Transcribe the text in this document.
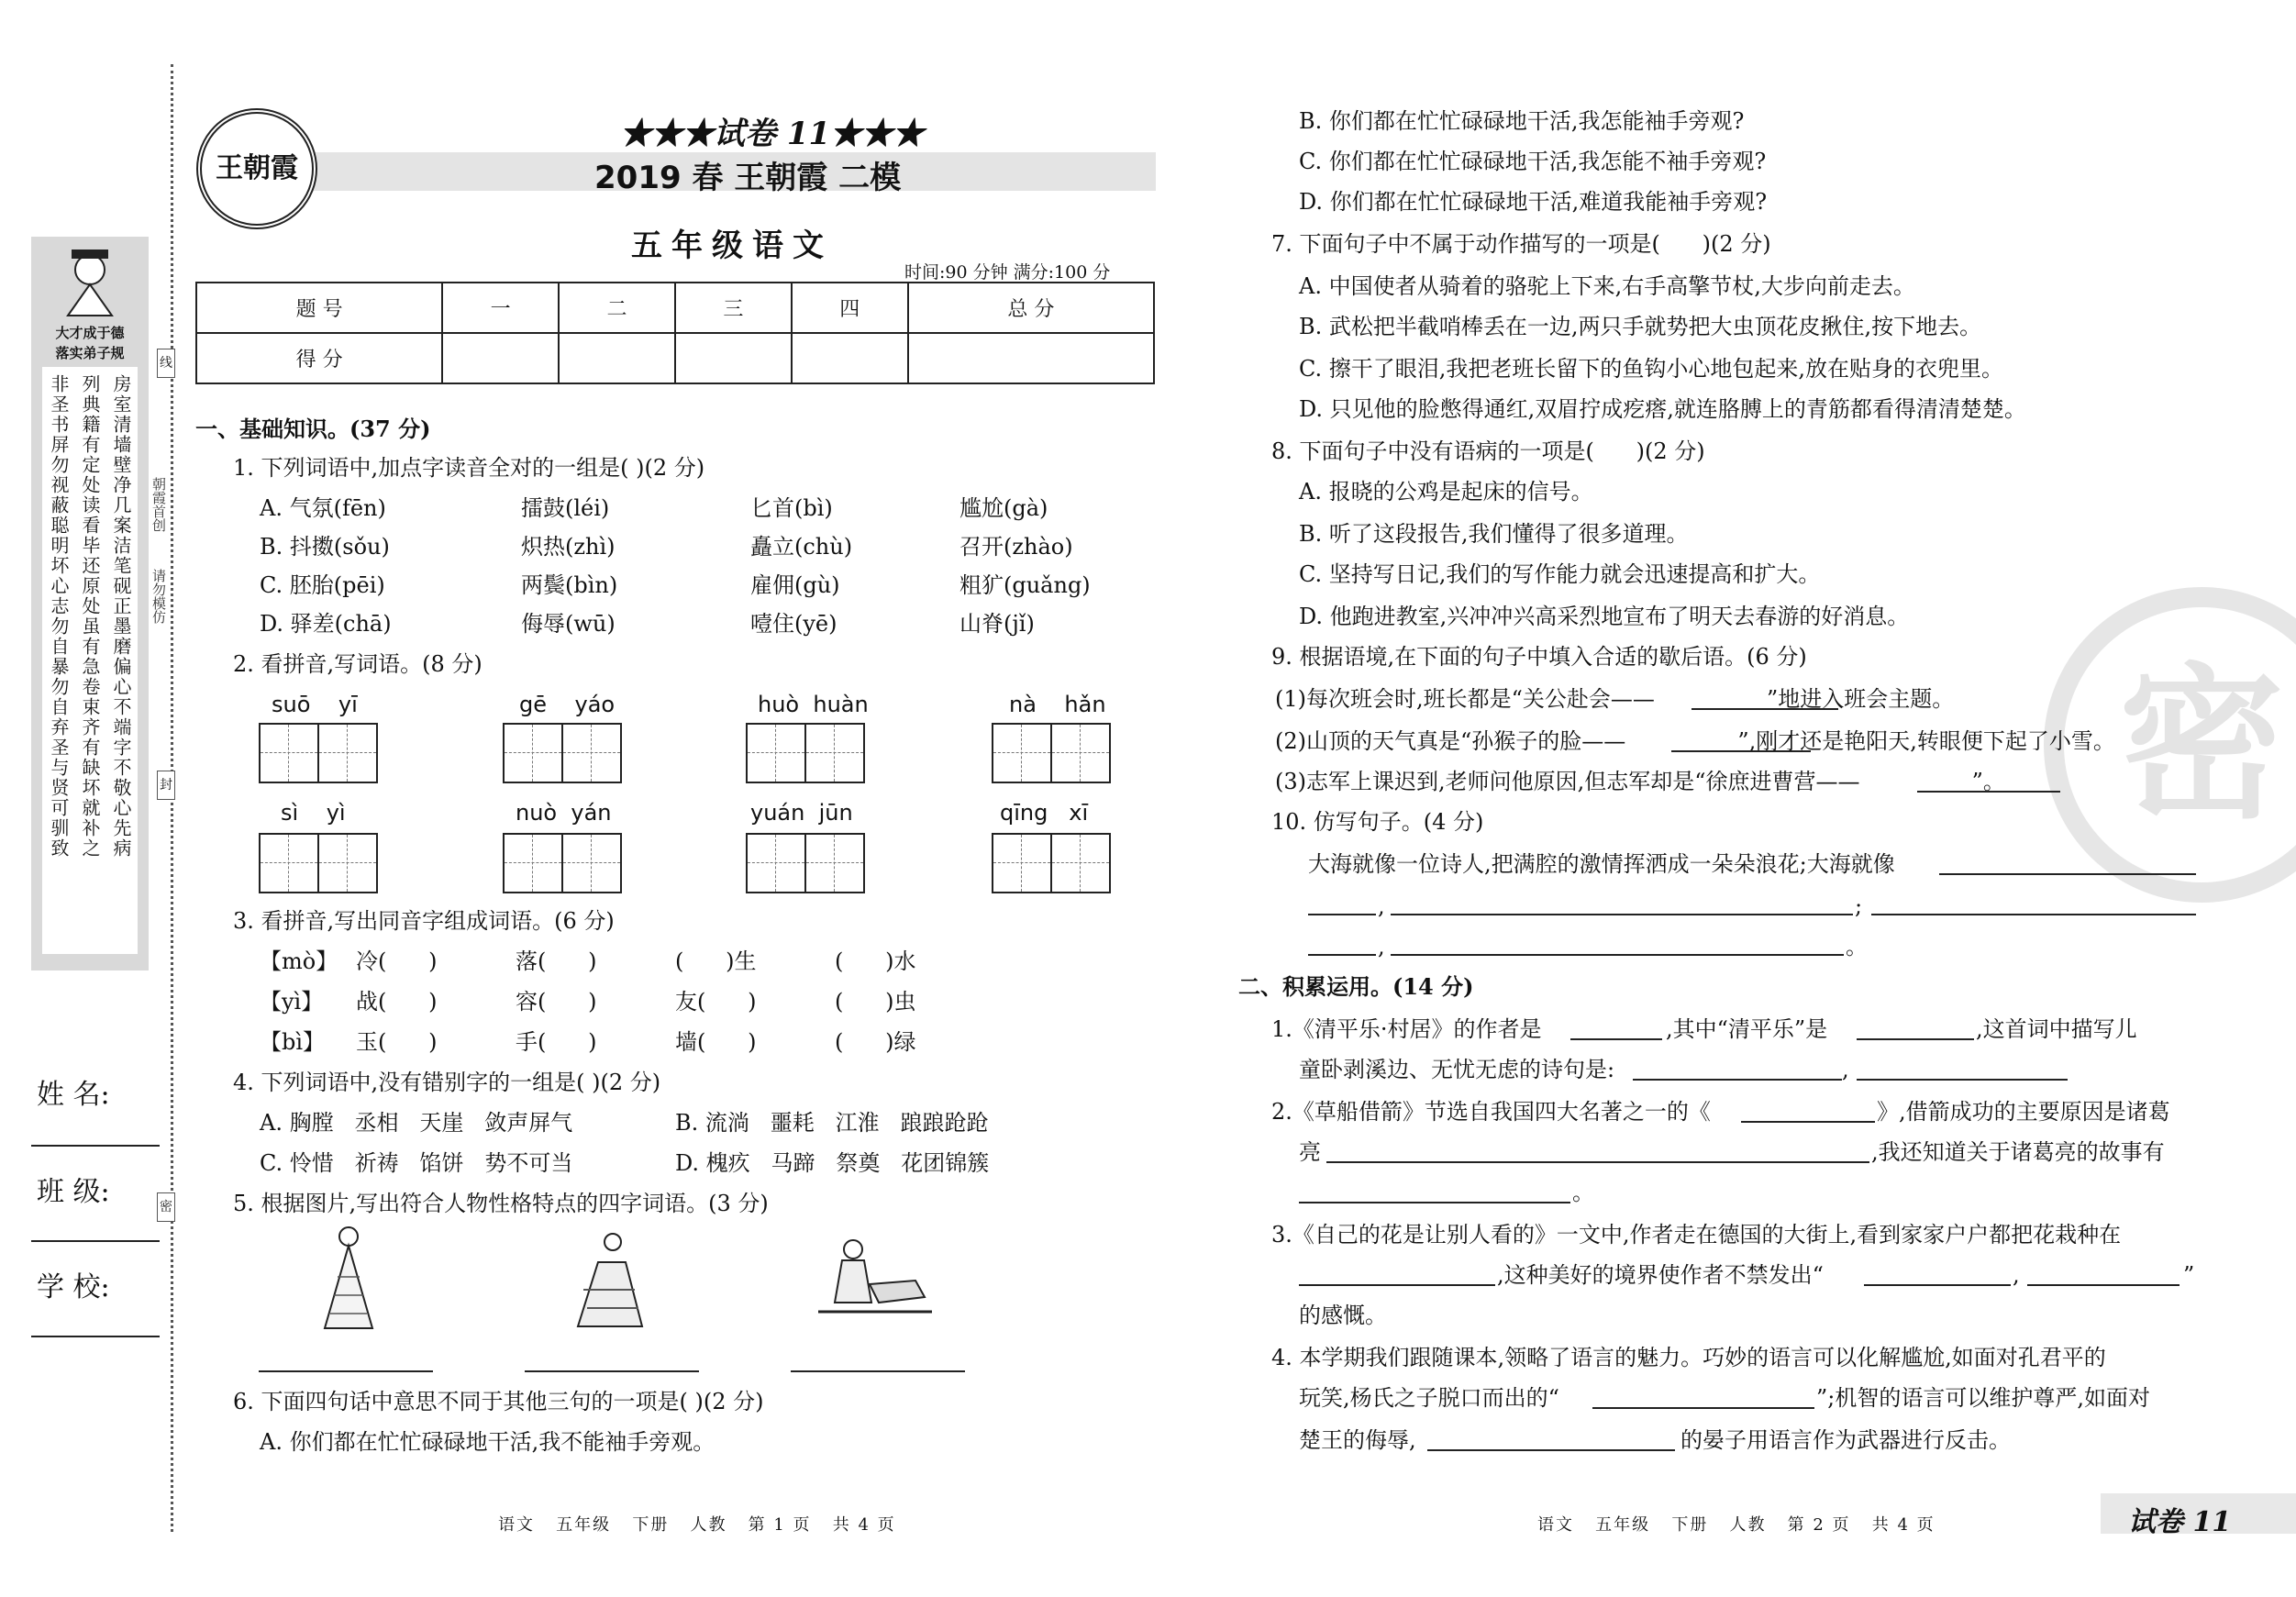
大才成于德
落实弟子规
非圣书屏勿视蔽聪明坏心志勿自暴勿自弃圣与贤可驯致 列典籍有定处读看毕还原处虽有急卷束齐有缺坏就补之 房室清墙壁净几案洁笔砚正墨磨偏心不端字不敬心先病 朝霞首创
请勿模仿
线
封
密
姓 名:
班 级:
学 校:
王朝霞
★★★试卷 11★★★
2019 春 王朝霞 二模
五年级语文
时间:90 分钟 满分:100 分
题 号	一	二	三	四	总 分
得 分					
一、基础知识。(37 分)
1. 下列词语中,加点字读音全对的一组是( )(2 分)
A. 气氛(fēn)	擂鼓(léi)	匕首(bì)	尴尬(gà)
B. 抖擞(sǒu)	炽热(zhì)	矗立(chù)	召开(zhào)
C. 胚胎(pēi)	两鬓(bìn)	雇佣(gù)	粗犷(guǎng)
D. 驿差(chā)	侮辱(wū)	噎住(yē)	山脊(jǐ)
2. 看拼音,写词语。(8 分)
suō    yī	gē    yáo	huò  huàn	nà    hǎn
sì    yì	nuò  yán	yuán  jūn	qīng   xī
3. 看拼音,写出同音字组成词语。(6 分)
【mò】 冷(      )	落(      )	(      )生	(      )水
【yì】 战(      )	容(      )	友(      )	(      )虫
【bì】 玉(      )	手(      )	墙(      )	(      )绿
4. 下列词语中,没有错别字的一组是( )(2 分)
A. 胸膛   丞相   天崖   敛声屏气	B. 流淌   噩耗   江淮   踉踉跄跄
C. 怜惜   祈祷   馅饼   势不可当	D. 槐疚   马蹄   祭奠   花团锦簇
5. 根据图片,写出符合人物性格特点的四字词语。(3 分)
6. 下面四句话中意思不同于其他三句的一项是( )(2 分)
A. 你们都在忙忙碌碌地干活,我不能袖手旁观。
语文   五年级   下册   人教   第 1 页   共 4 页
密
B. 你们都在忙忙碌碌地干活,我怎能袖手旁观?
C. 你们都在忙忙碌碌地干活,我怎能不袖手旁观?
D. 你们都在忙忙碌碌地干活,难道我能袖手旁观?
7. 下面句子中不属于动作描写的一项是(      )(2 分)
A. 中国使者从骑着的骆驼上下来,右手高擎节杖,大步向前走去。
B. 武松把半截哨棒丢在一边,两只手就势把大虫顶花皮揪住,按下地去。
C. 擦干了眼泪,我把老班长留下的鱼钩小心地包起来,放在贴身的衣兜里。
D. 只见他的脸憋得通红,双眉拧成疙瘩,就连胳膊上的青筋都看得清清楚楚。
8. 下面句子中没有语病的一项是(      )(2 分)
A. 报晓的公鸡是起床的信号。
B. 听了这段报告,我们懂得了很多道理。
C. 坚持写日记,我们的写作能力就会迅速提高和扩大。
D. 他跑进教室,兴冲冲兴高采烈地宣布了明天去春游的好消息。
9. 根据语境,在下面的句子中填入合适的歇后语。(6 分)
(1)每次班会时,班长都是“关公赴会——                ”地进入班会主题。
(2)山顶的天气真是“孙猴子的脸——                ”,刚才还是艳阳天,转眼便下起了小雪。
(3)志军上课迟到,老师问他原因,但志军却是“徐庶进曹营——                ”。
10. 仿写句子。(4 分)
大海就像一位诗人,把满腔的激情挥洒成一朵朵浪花;大海就像
,	;
,	。
二、积累运用。(14 分)
1.《清平乐·村居》的作者是	,其中“清平乐”是	,这首词中描写儿
童卧剥溪边、无忧无虑的诗句是:	,
2.《草船借箭》节选自我国四大名著之一的《	》,借箭成功的主要原因是诸葛
亮	,我还知道关于诸葛亮的故事有
。
3.《自己的花是让别人看的》一文中,作者走在德国的大街上,看到家家户户都把花栽种在
,这种美好的境界使作者不禁发出“	,	”
的感慨。
4. 本学期我们跟随课本,领略了语言的魅力。巧妙的语言可以化解尴尬,如面对孔君平的
玩笑,杨氏之子脱口而出的“	”;机智的语言可以维护尊严,如面对
楚王的侮辱,	的晏子用语言作为武器进行反击。
语文   五年级   下册   人教   第 2 页   共 4 页	试卷 11
